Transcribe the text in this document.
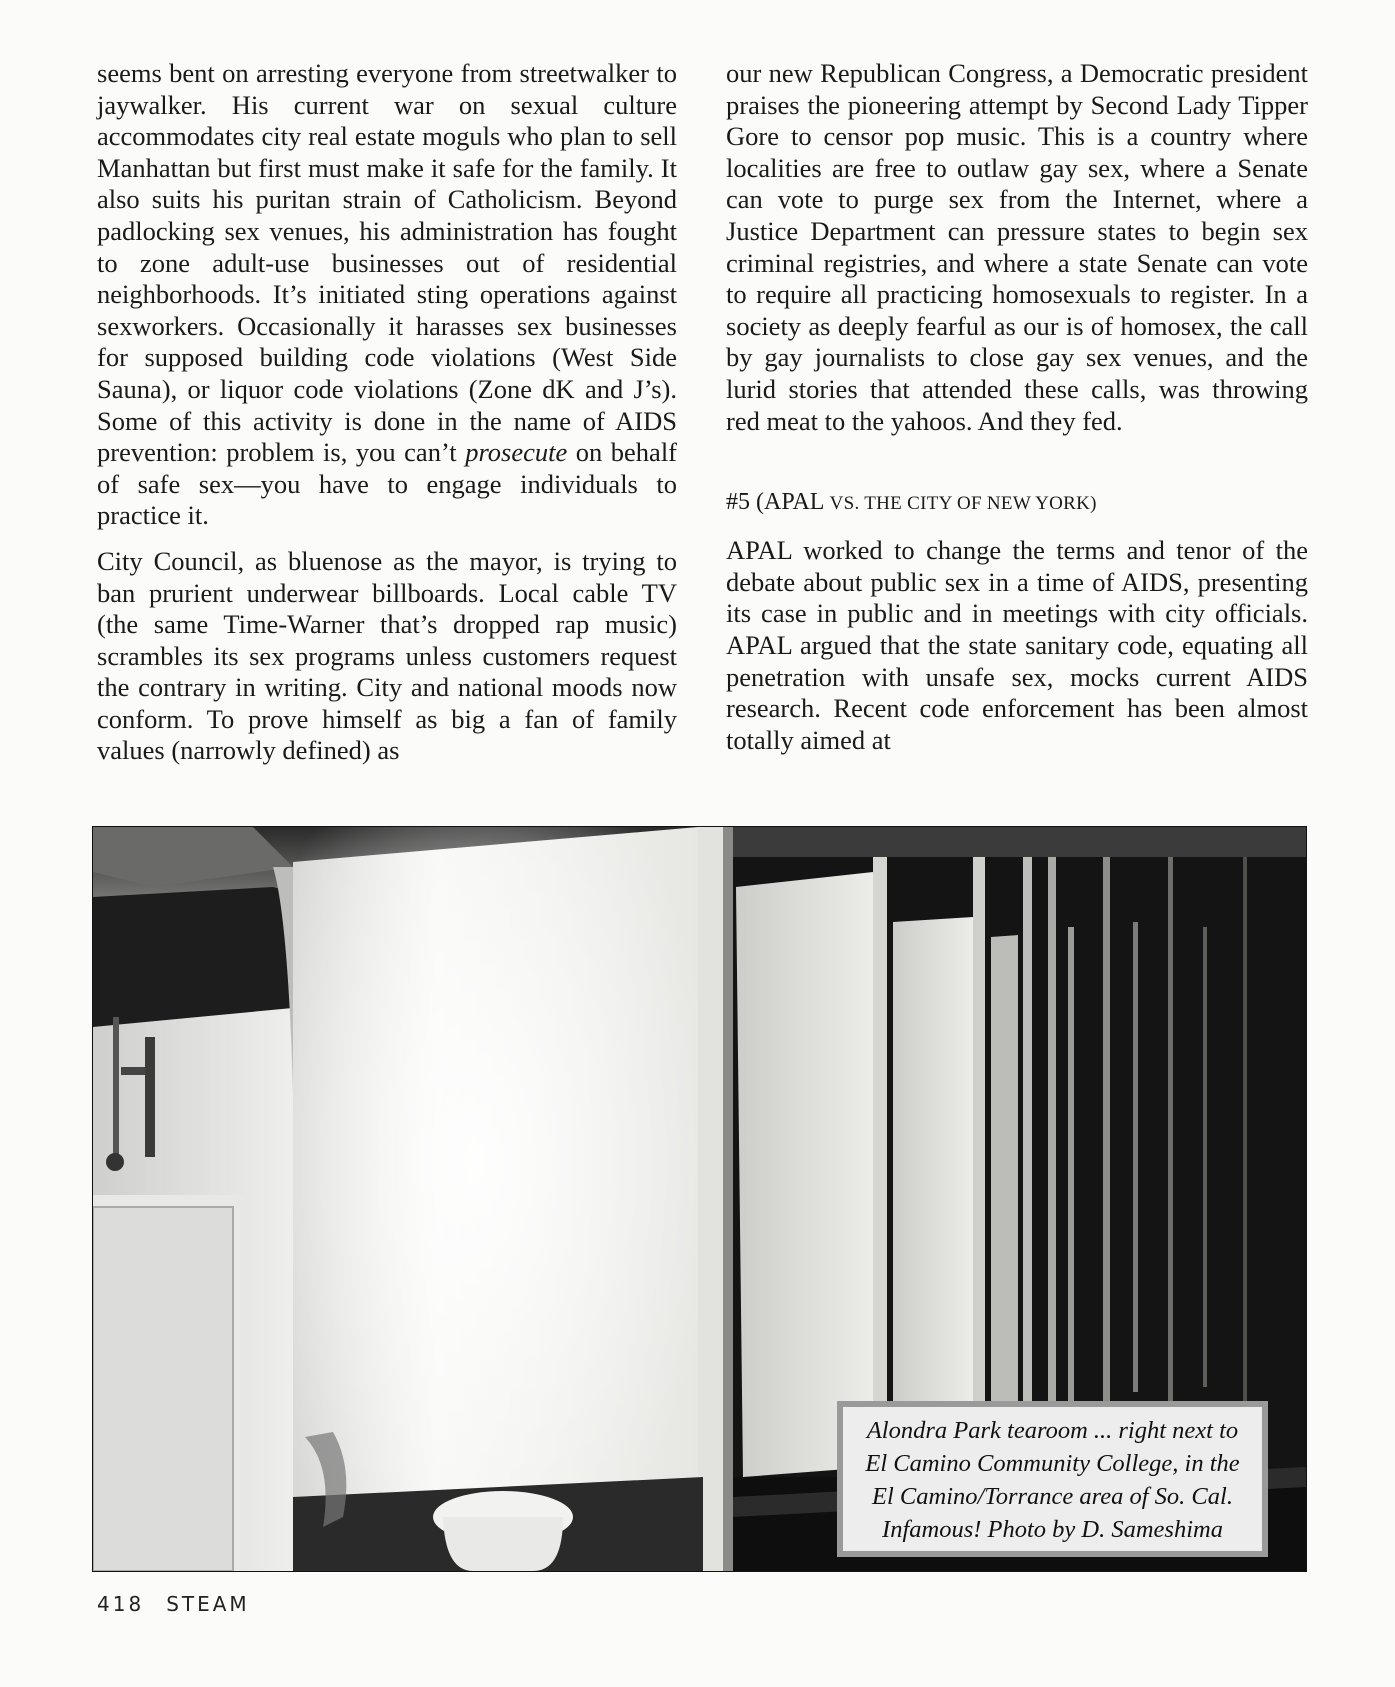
seems bent on arresting everyone from streetwalker to jaywalker. His current war on sexual culture accommodates city real estate moguls who plan to sell Manhattan but first must make it safe for the family. It also suits his puritan strain of Catholicism. Beyond padlocking sex venues, his administration has fought to zone adult-use businesses out of residential neighborhoods. It’s initiated sting operations against sexworkers. Occasionally it harasses sex businesses for supposed building code violations (West Side Sauna), or liquor code violations (Zone dK and J’s). Some of this activity is done in the name of AIDS prevention: problem is, you can’t prosecute on behalf of safe sex—you have to engage individuals to practice it.

City Council, as bluenose as the mayor, is trying to ban prurient underwear billboards. Local cable TV (the same Time-Warner that’s dropped rap music) scrambles its sex programs unless customers request the contrary in writing. City and national moods now conform. To prove himself as big a fan of family values (narrowly defined) as

our new Republican Congress, a Democratic president praises the pioneering attempt by Second Lady Tipper Gore to censor pop music. This is a country where localities are free to outlaw gay sex, where a Senate can vote to purge sex from the Internet, where a Justice Department can pressure states to begin sex criminal registries, and where a state Senate can vote to require all practicing homosexuals to register. In a society as deeply fearful as our is of homosex, the call by gay journalists to close gay sex venues, and the lurid stories that attended these calls, was throwing red meat to the yahoos. And they fed.

#5 (APAL VS. THE CITY OF NEW YORK)

APAL worked to change the terms and tenor of the debate about public sex in a time of AIDS, presenting its case in public and in meetings with city officials. APAL argued that the state sanitary code, equating all penetration with unsafe sex, mocks current AIDS research. Recent code enforcement has been almost totally aimed at

Alondra Park tearoom ... right next to
El Camino Community College, in the
El Camino/Torrance area of So. Cal.
Infamous! Photo by D. Sameshima
418 STEAM
